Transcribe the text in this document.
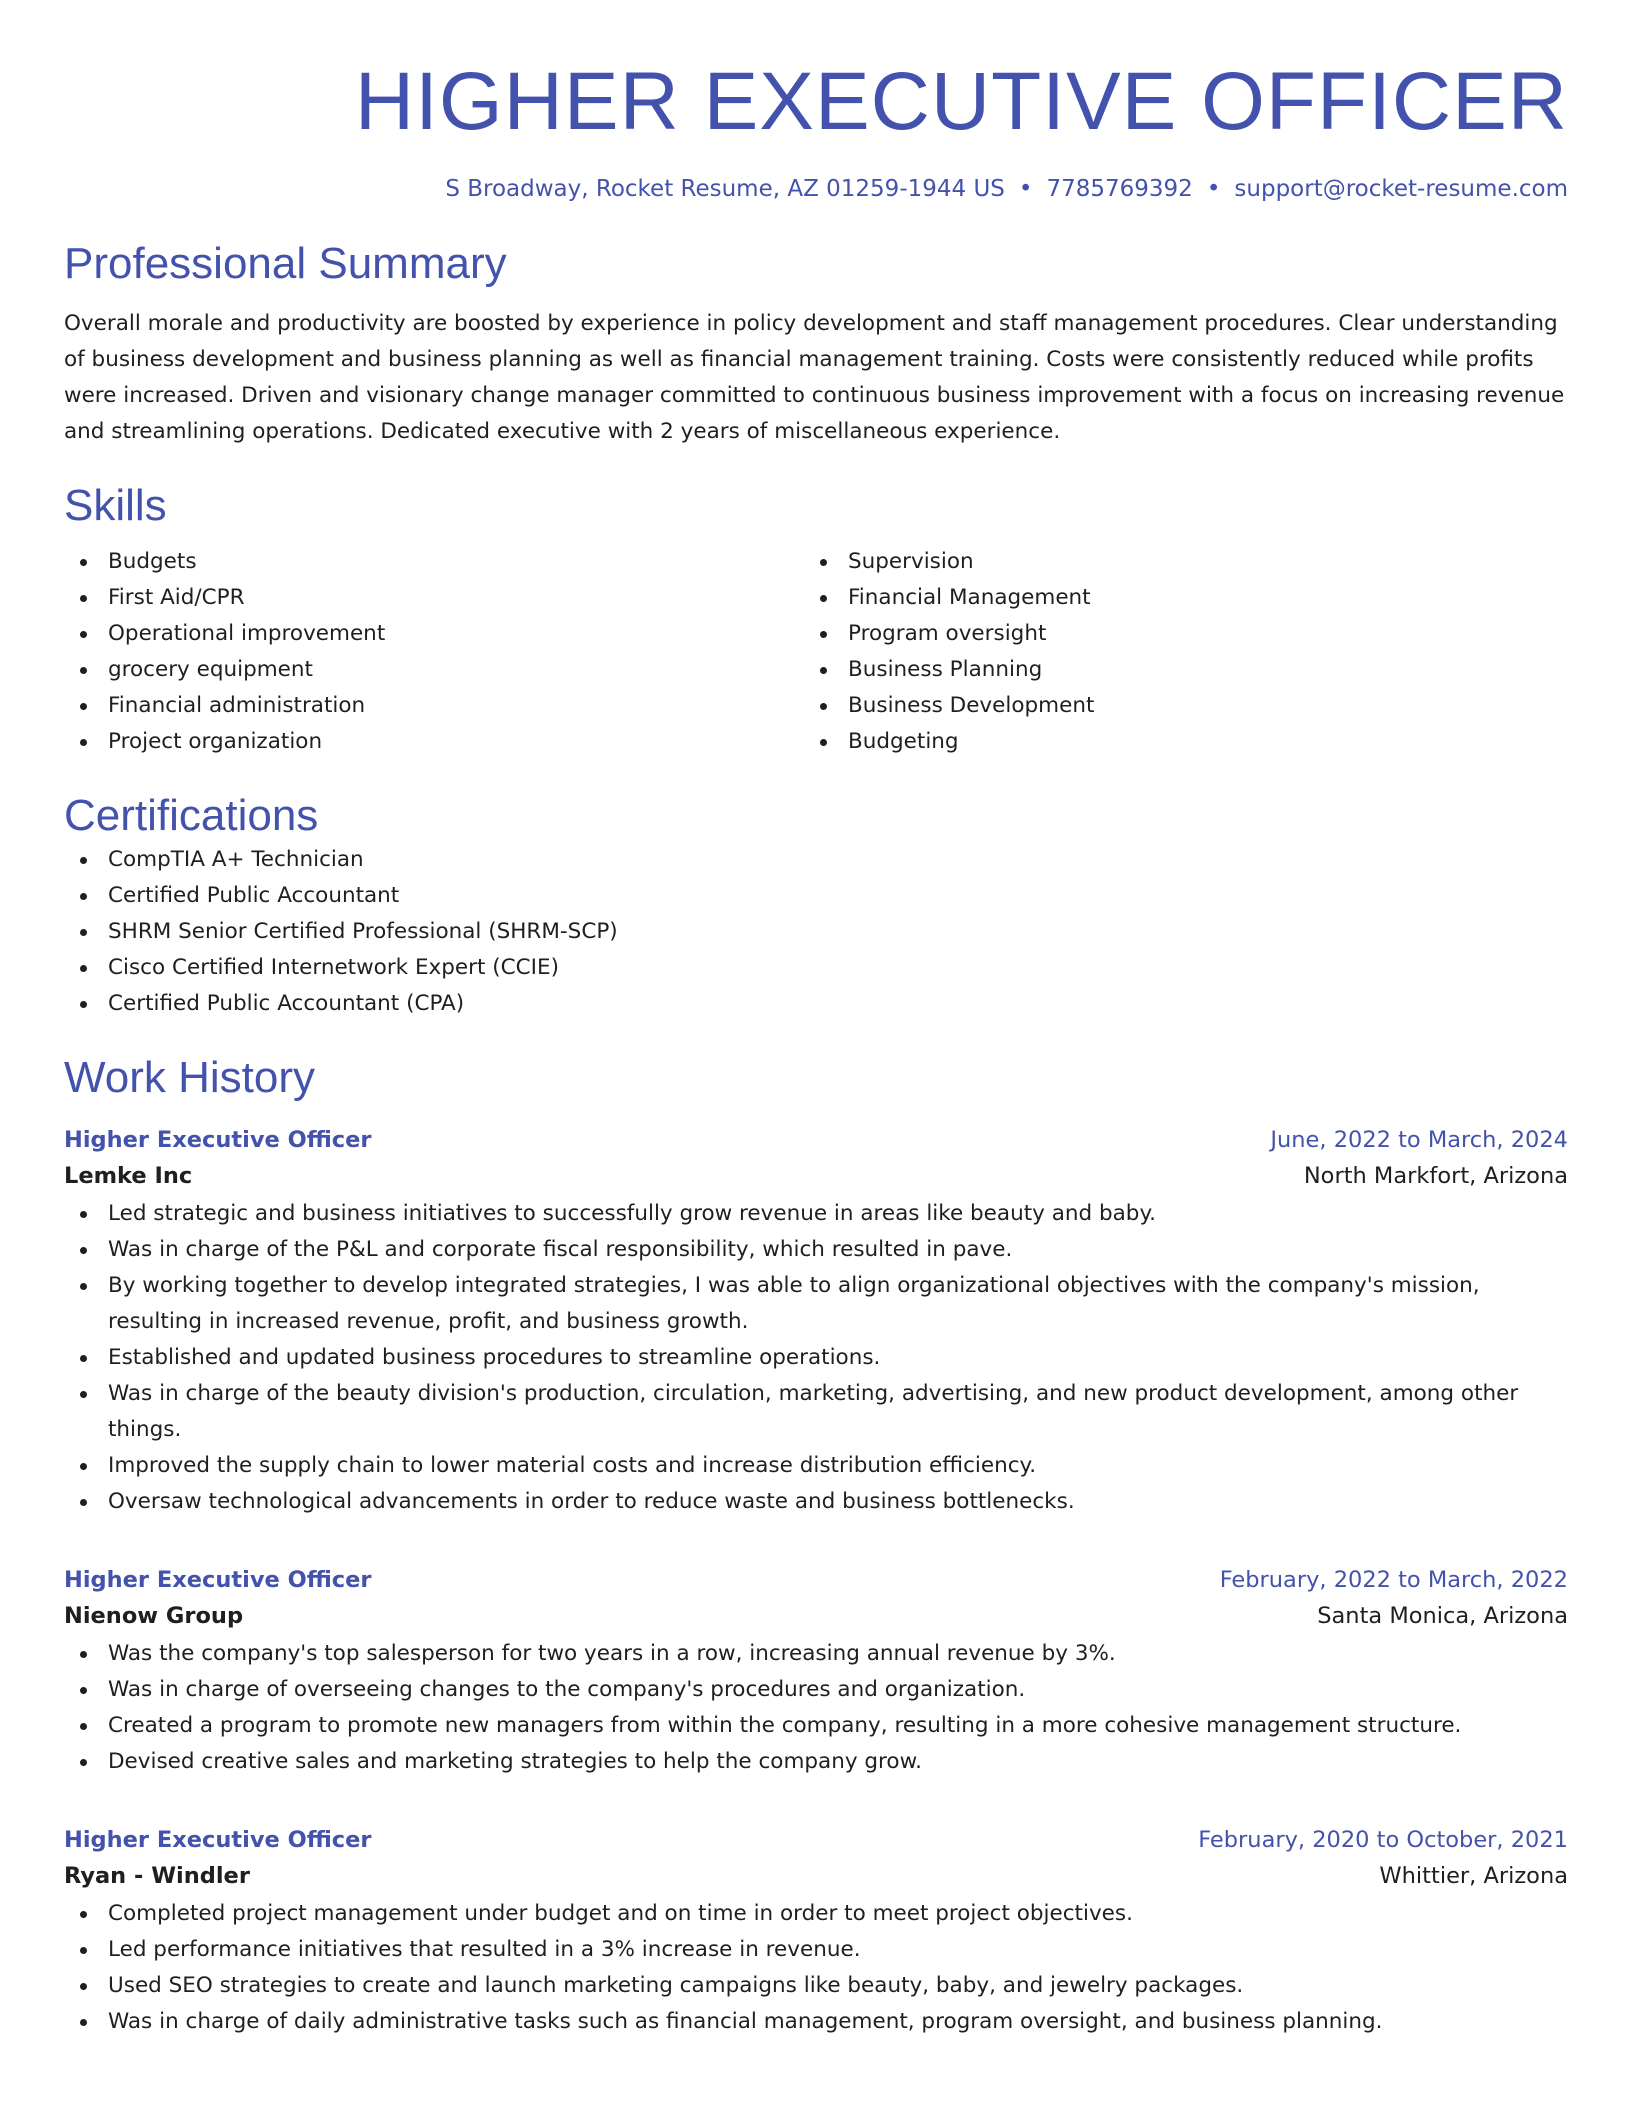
HIGHER EXECUTIVE OFFICER
S Broadway, Rocket Resume, AZ 01259-1944 US • 7785769392 • support@rocket-resume.com
Professional Summary

Overall morale and productivity are boosted by experience in policy development and staff management procedures. Clear understanding of business development and business planning as well as financial management training. Costs were consistently reduced while profits were increased. Driven and visionary change manager committed to continuous business improvement with a focus on increasing revenue and streamlining operations. Dedicated executive with 2 years of miscellaneous experience.

Skills
Budgets
First Aid/CPR
Operational improvement
grocery equipment
Financial administration
Project organization
Supervision
Financial Management
Program oversight
Business Planning
Business Development
Budgeting
Certifications
CompTIA A+ Technician
Certified Public Accountant
SHRM Senior Certified Professional (SHRM-SCP)
Cisco Certified Internetwork Expert (CCIE)
Certified Public Accountant (CPA)
Work History
Higher Executive Officer	June, 2022 to March, 2024
Lemke Inc	North Markfort, Arizona
Led strategic and business initiatives to successfully grow revenue in areas like beauty and baby.
Was in charge of the P&L and corporate fiscal responsibility, which resulted in pave.
By working together to develop integrated strategies, I was able to align organizational objectives with the company's mission, resulting in increased revenue, profit, and business growth.
Established and updated business procedures to streamline operations.
Was in charge of the beauty division's production, circulation, marketing, advertising, and new product development, among other things.
Improved the supply chain to lower material costs and increase distribution efficiency.
Oversaw technological advancements in order to reduce waste and business bottlenecks.
Higher Executive Officer	February, 2022 to March, 2022
Nienow Group	Santa Monica, Arizona
Was the company's top salesperson for two years in a row, increasing annual revenue by 3%.
Was in charge of overseeing changes to the company's procedures and organization.
Created a program to promote new managers from within the company, resulting in a more cohesive management structure.
Devised creative sales and marketing strategies to help the company grow.
Higher Executive Officer	February, 2020 to October, 2021
Ryan - Windler	Whittier, Arizona
Completed project management under budget and on time in order to meet project objectives.
Led performance initiatives that resulted in a 3% increase in revenue.
Used SEO strategies to create and launch marketing campaigns like beauty, baby, and jewelry packages.
Was in charge of daily administrative tasks such as financial management, program oversight, and business planning.
